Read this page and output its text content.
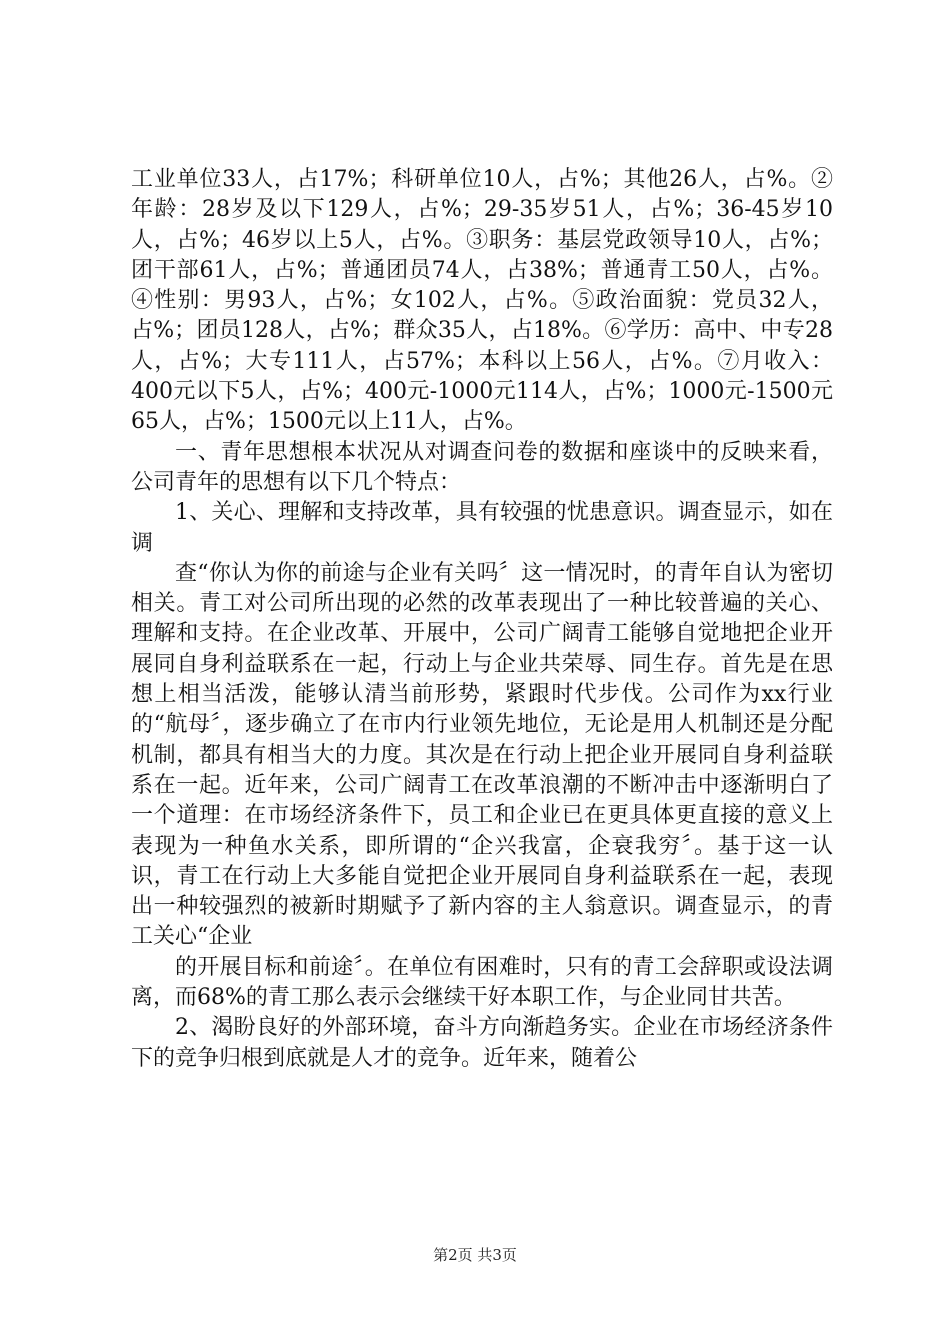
工业单位33人，占17%；科研单位10人，占%；其他26人，占%。②年龄：28岁及以下129人，占%；29-35岁51人，占%；36-45岁10人，占%；46岁以上5人，占%。③职务：基层党政领导10人，占%；团干部61人，占%；普通团员74人，占38%；普通青工50人，占%。④性别：男93人，占%；女102人，占%。⑤政治面貌：党员32人，占%；团员128人，占%；群众35人，占18%。⑥学历：高中、中专28人，占%；大专111人，占57%；本科以上56人，占%。⑦月收入：400元以下5人，占%；400元-1000元114人，占%；1000元-1500元65人，占%；1500元以上11人，占%。

一、青年思想根本状况从对调查问卷的数据和座谈中的反映来看，公司青年的思想有以下几个特点：

1、关心、理解和支持改革，具有较强的忧患意识。调查显示，如在调

查“你认为你的前途与企业有关吗〞这一情况时，的青年自认为密切相关。青工对公司所出现的必然的改革表现出了一种比较普遍的关心、理解和支持。在企业改革、开展中，公司广阔青工能够自觉地把企业开展同自身利益联系在一起，行动上与企业共荣辱、同生存。首先是在思想上相当活泼，能够认清当前形势，紧跟时代步伐。公司作为xx行业的“航母〞，逐步确立了在市内行业领先地位，无论是用人机制还是分配机制，都具有相当大的力度。其次是在行动上把企业开展同自身利益联系在一起。近年来，公司广阔青工在改革浪潮的不断冲击中逐渐明白了一个道理：在市场经济条件下，员工和企业已在更具体更直接的意义上表现为一种鱼水关系，即所谓的“企兴我富，企衰我穷〞。基于这一认识，青工在行动上大多能自觉把企业开展同自身利益联系在一起，表现出一种较强烈的被新时期赋予了新内容的主人翁意识。调查显示，的青工关心“企业

的开展目标和前途〞。在单位有困难时，只有的青工会辞职或设法调离，而68%的青工那么表示会继续干好本职工作，与企业同甘共苦。

2、渴盼良好的外部环境，奋斗方向渐趋务实。企业在市场经济条件下的竞争归根到底就是人才的竞争。近年来，随着公

第2页 共3页
